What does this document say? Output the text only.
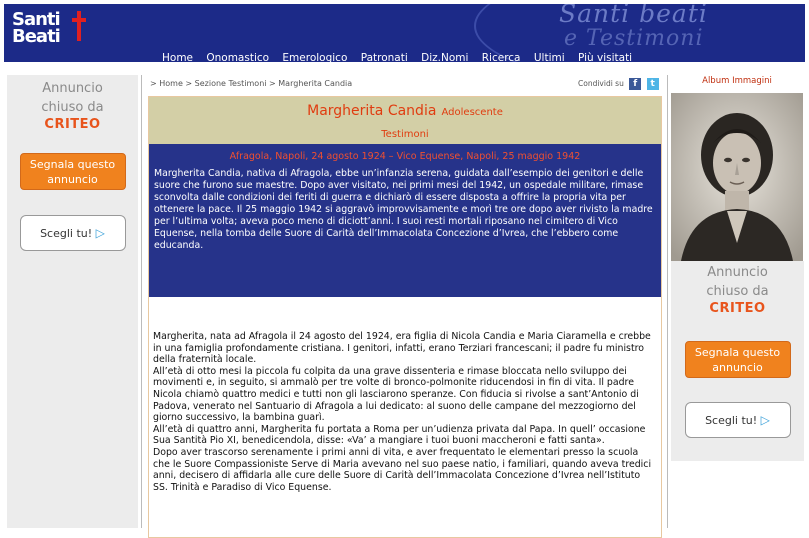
Santi beati
e Testimoni
Santi
Beati
Home Onomastico Emerologico Patronati Diz.Nomi Ricerca Ultimi Più visitati
Annuncio
chiuso da
CRITEO
Segnala questo
annuncio
Scegli tu! ▷
> Home > Sezione Testimoni > Margherita Candia	Condividi su f t
Margherita Candia Adolescente
Testimoni
Afragola, Napoli, 24 agosto 1924 – Vico Equense, Napoli, 25 maggio 1942
Margherita Candia, nativa di Afragola, ebbe un’infanzia serena, guidata dall’esempio dei genitori e delle suore che furono sue maestre. Dopo aver visitato, nei primi mesi del 1942, un ospedale militare, rimase sconvolta dalle condizioni dei feriti di guerra e dichiarò di essere disposta a offrire la propria vita per ottenere la pace. Il 25 maggio 1942 si aggravò improvvisamente e morì tre ore dopo aver rivisto la madre per l’ultima volta; aveva poco meno di diciott’anni. I suoi resti mortali riposano nel cimitero di Vico Equense, nella tomba delle Suore di Carità dell’Immacolata Concezione d’Ivrea, che l’ebbero come educanda.

Margherita, nata ad Afragola il 24 agosto del 1924, era figlia di Nicola Candia e Maria Ciaramella e crebbe in una famiglia profondamente cristiana. I genitori, infatti, erano Terziari francescani; il padre fu ministro della fraternità locale.

All’età di otto mesi la piccola fu colpita da una grave dissenteria e rimase bloccata nello sviluppo dei movimenti e, in seguito, si ammalò per tre volte di bronco-polmonite riducendosi in fin di vita. Il padre Nicola chiamò quattro medici e tutti non gli lasciarono speranze. Con fiducia si rivolse a sant’Antonio di Padova, venerato nel Santuario di Afragola a lui dedicato: al suono delle campane del mezzogiorno del giorno successivo, la bambina guarì.

All’età di quattro anni, Margherita fu portata a Roma per un’udienza privata dal Papa. In quell’ occasione Sua Santità Pio XI, benedicendola, disse: «Va’ a mangiare i tuoi buoni maccheroni e fatti santa».

Dopo aver trascorso serenamente i primi anni di vita, e aver frequentato le elementari presso la scuola che le Suore Compassioniste Serve di Maria avevano nel suo paese natio, i familiari, quando aveva tredici anni, decisero di affidarla alle cure delle Suore di Carità dell’Immacolata Concezione d’Ivrea nell’Istituto SS. Trinità e Paradiso di Vico Equense.

Album Immagini
Annuncio
chiuso da
CRITEO
Segnala questo
annuncio
Scegli tu! ▷
